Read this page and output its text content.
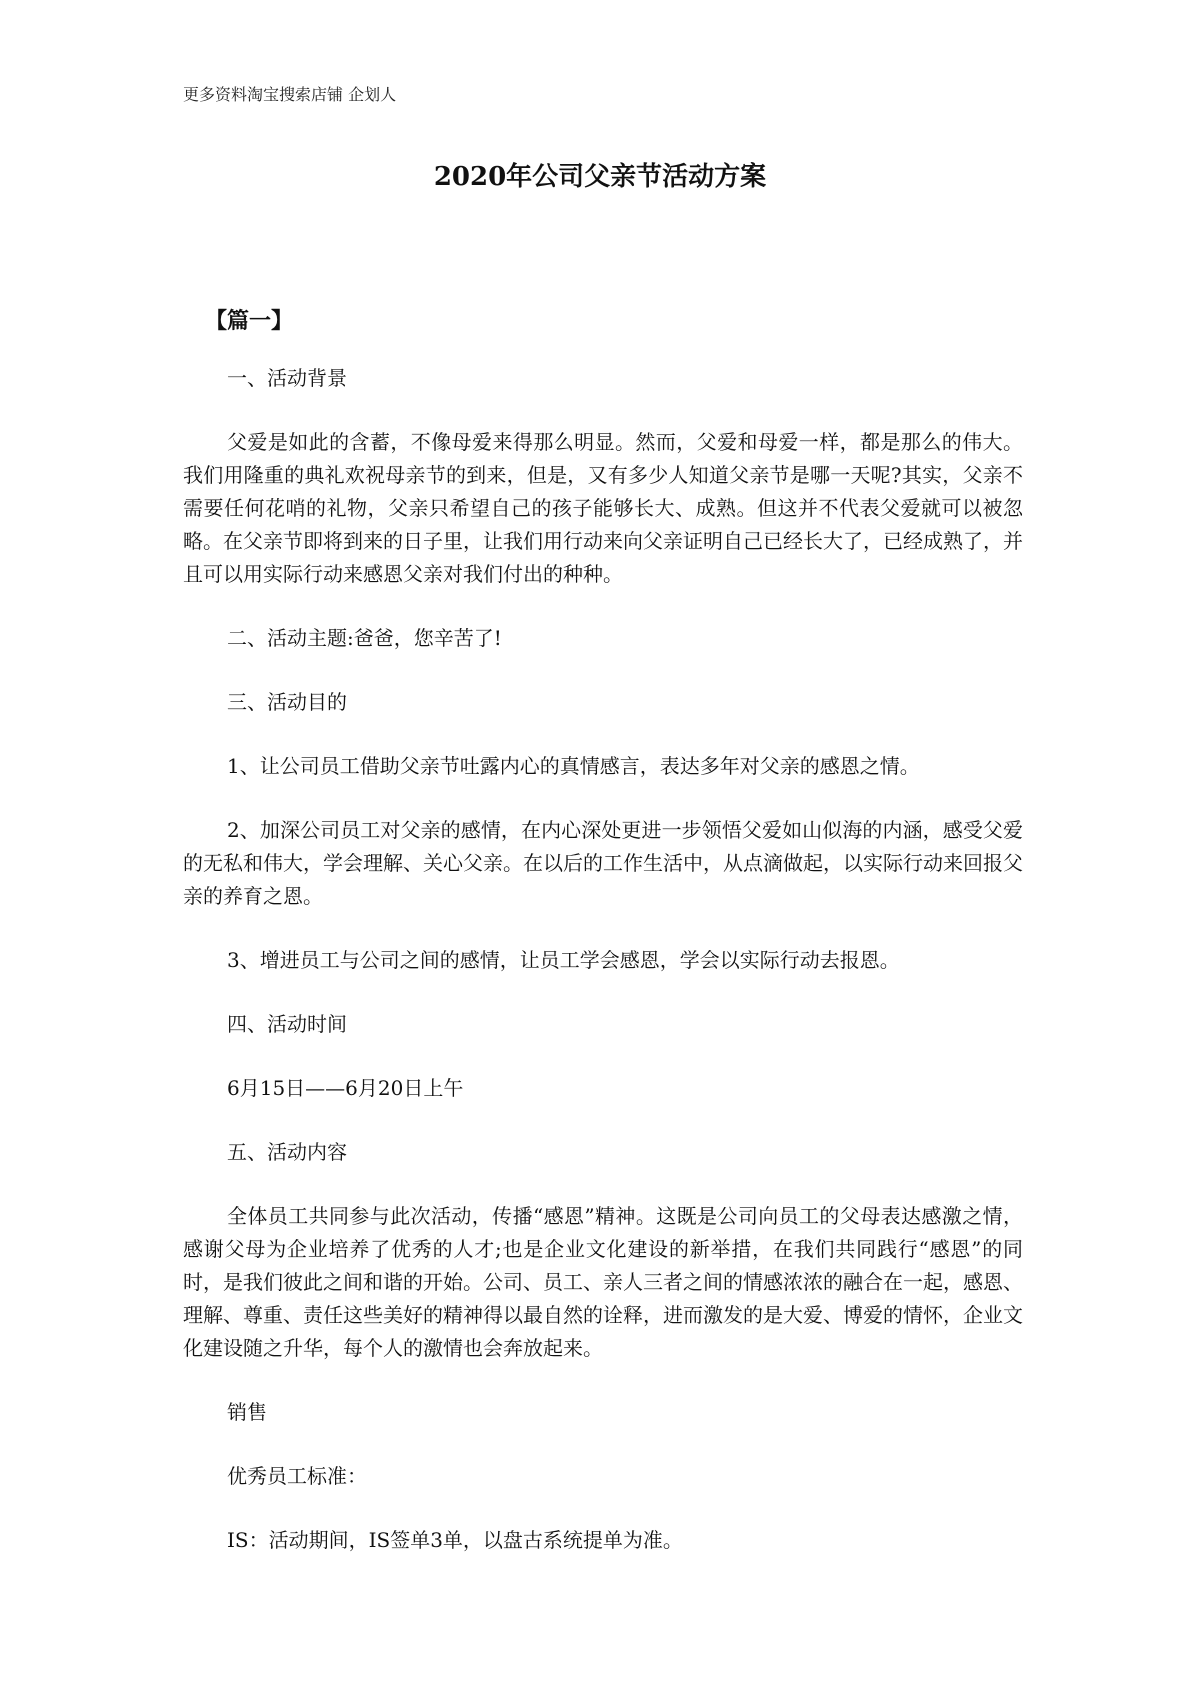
更多资料淘宝搜索店铺 企划人
2020年公司父亲节活动方案
【篇一】

一、活动背景

父爱是如此的含蓄，不像母爱来得那么明显。然而，父爱和母爱一样，都是那么的伟大。我们用隆重的典礼欢祝母亲节的到来，但是，又有多少人知道父亲节是哪一天呢?其实，父亲不需要任何花哨的礼物，父亲只希望自己的孩子能够长大、成熟。但这并不代表父爱就可以被忽略。在父亲节即将到来的日子里，让我们用行动来向父亲证明自己已经长大了，已经成熟了，并且可以用实际行动来感恩父亲对我们付出的种种。

二、活动主题:爸爸，您辛苦了!

三、活动目的

1、让公司员工借助父亲节吐露内心的真情感言，表达多年对父亲的感恩之情。

2、加深公司员工对父亲的感情，在内心深处更进一步领悟父爱如山似海的内涵，感受父爱的无私和伟大，学会理解、关心父亲。在以后的工作生活中，从点滴做起，以实际行动来回报父亲的养育之恩。

3、增进员工与公司之间的感情，让员工学会感恩，学会以实际行动去报恩。

四、活动时间

6月15日——6月20日上午

五、活动内容

全体员工共同参与此次活动，传播“感恩”精神。这既是公司向员工的父母表达感激之情，感谢父母为企业培养了优秀的人才;也是企业文化建设的新举措，在我们共同践行“感恩”的同时，是我们彼此之间和谐的开始。公司、员工、亲人三者之间的情感浓浓的融合在一起，感恩、理解、尊重、责任这些美好的精神得以最自然的诠释，进而激发的是大爱、博爱的情怀，企业文化建设随之升华，每个人的激情也会奔放起来。

销售

优秀员工标准：

IS：活动期间，IS签单3单，以盘古系统提单为准。
